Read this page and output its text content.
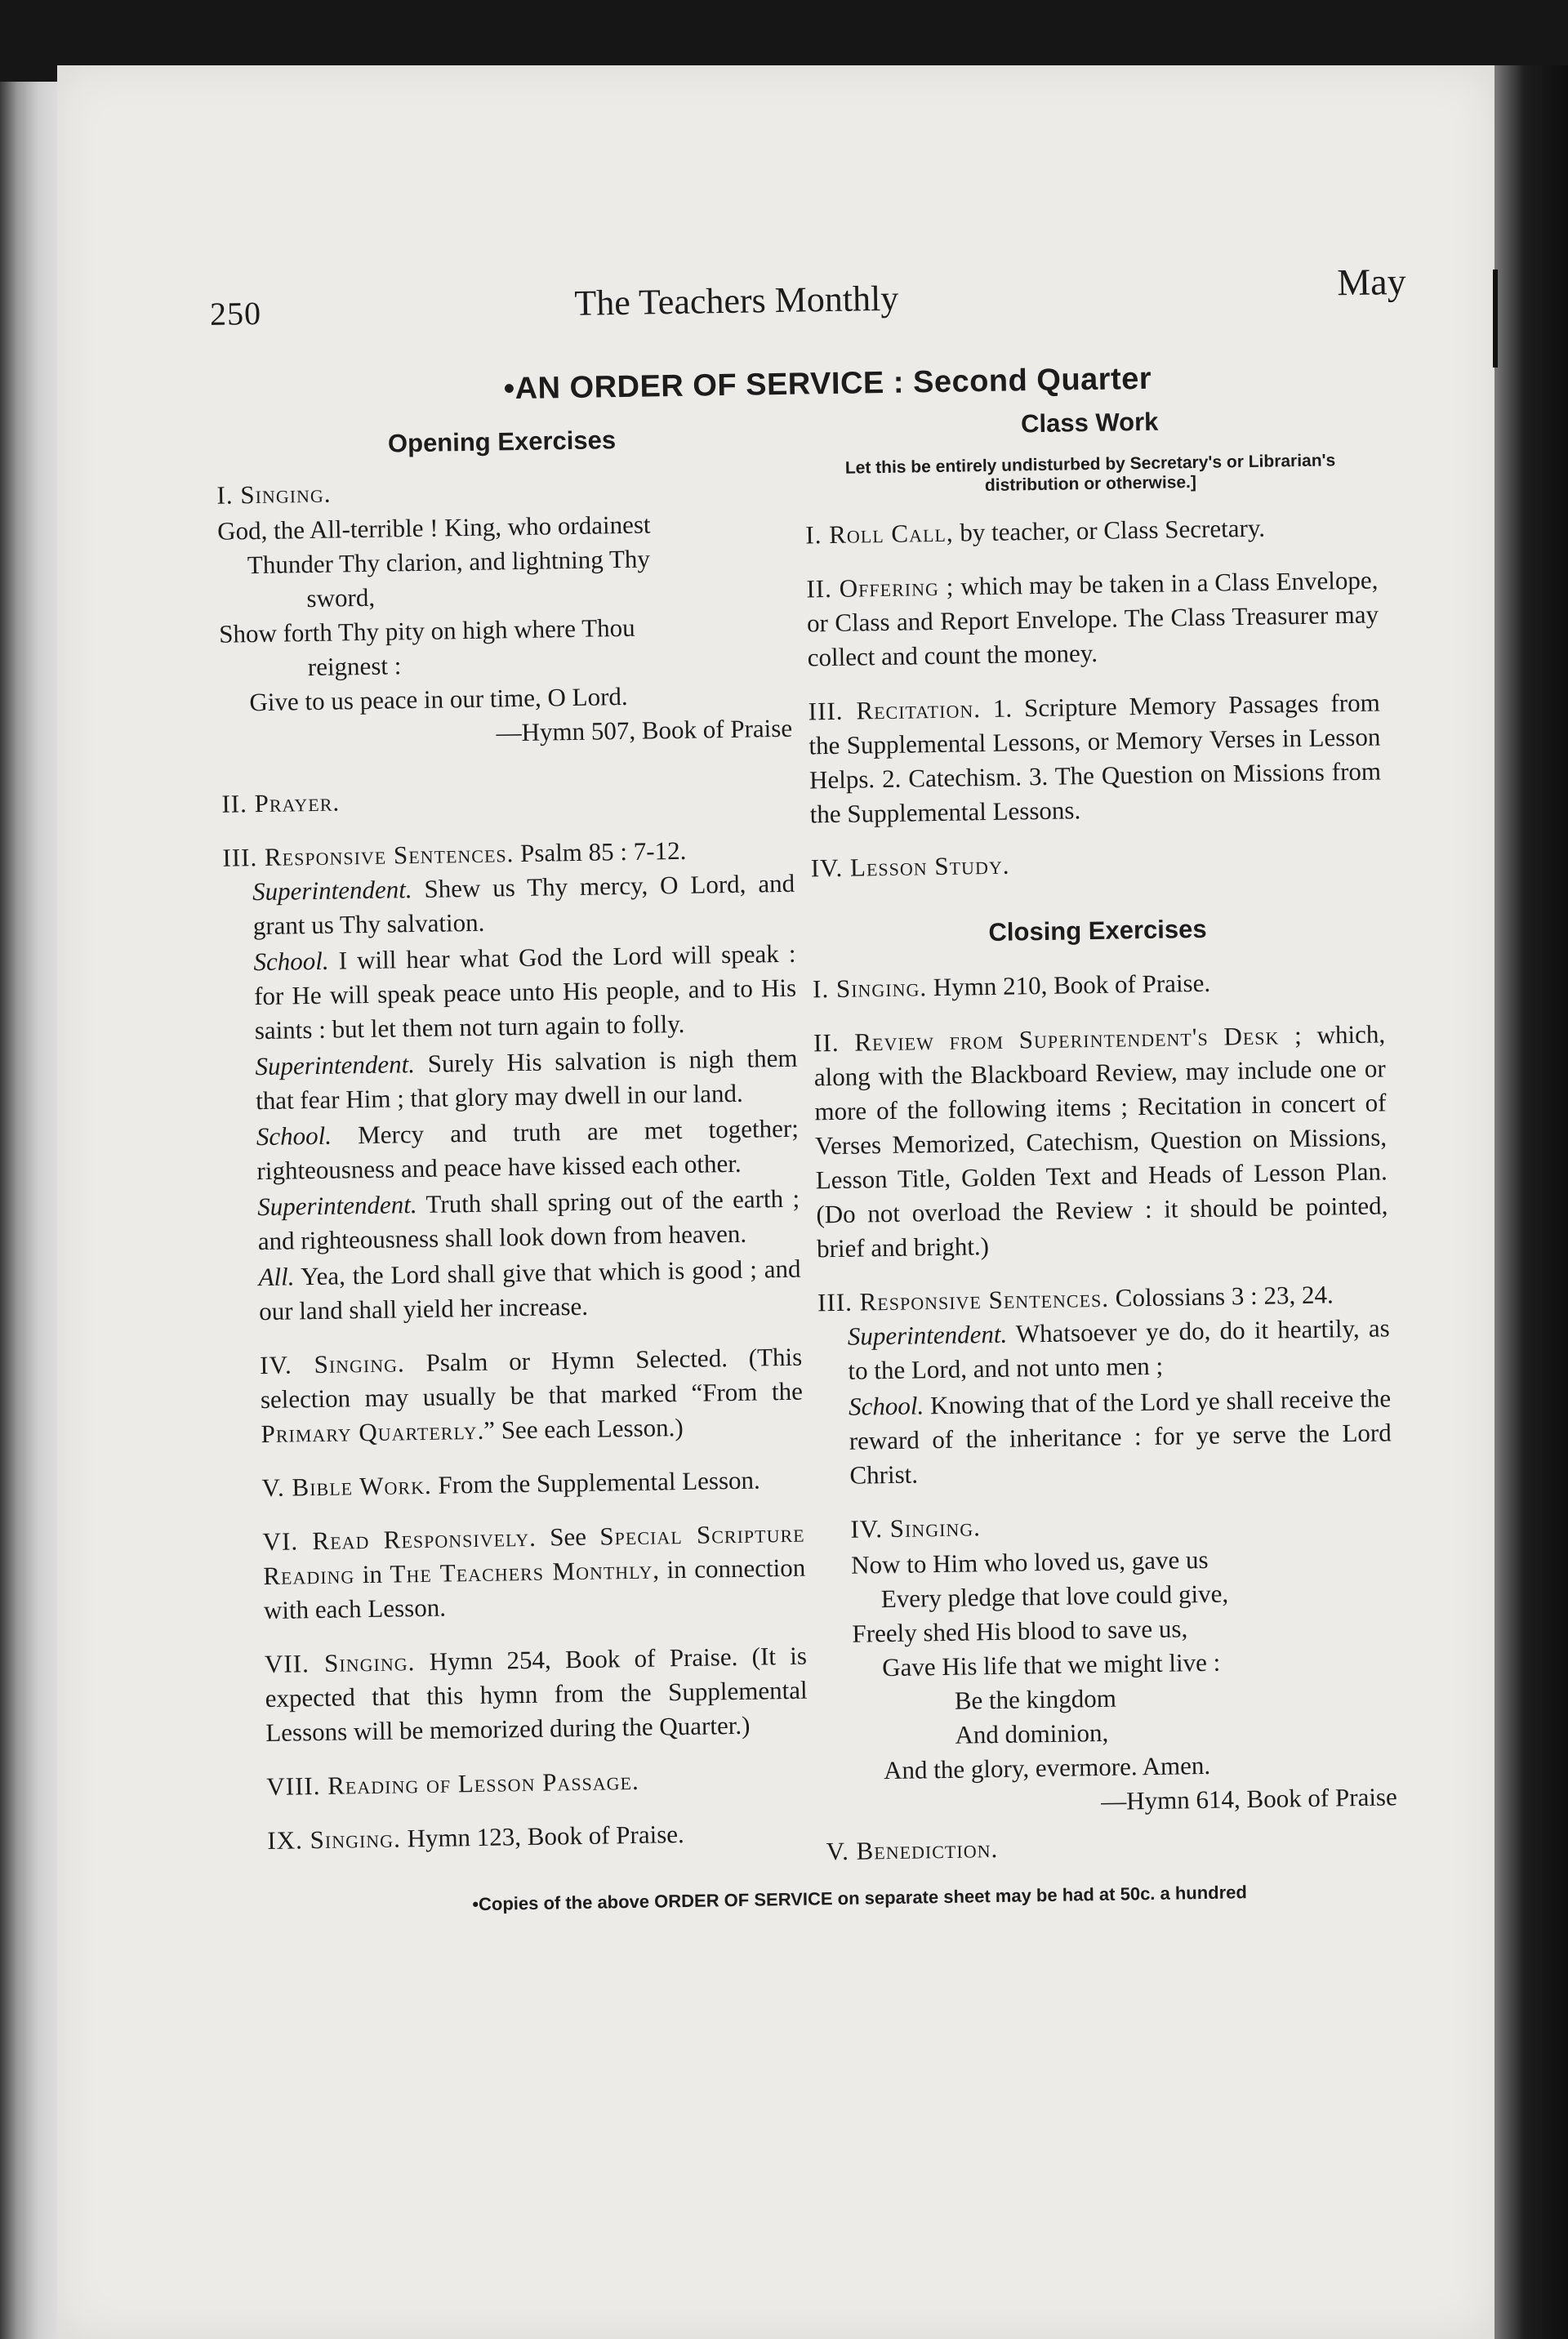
250	The Teachers Monthly	May
•AN ORDER OF SERVICE : Second Quarter
Opening Exercises
I. Singing.

God, the All-terrible ! King, who ordainest

Thunder Thy clarion, and lightning Thy

sword,

Show forth Thy pity on high where Thou

reignest :

Give to us peace in our time, O Lord.

—Hymn 507, Book of Praise

II. Prayer.
III. Responsive Sentences. Psalm 85 : 7-12.

Superintendent. Shew us Thy mercy, O Lord, and grant us Thy salvation.

School. I will hear what God the Lord will speak : for He will speak peace unto His people, and to His saints : but let them not turn again to folly.

Superintendent. Surely His salvation is nigh them that fear Him ; that glory may dwell in our land.

School. Mercy and truth are met together; righteousness and peace have kissed each other.

Superintendent. Truth shall spring out of the earth ; and righteousness shall look down from heaven.

All. Yea, the Lord shall give that which is good ; and our land shall yield her increase.

IV. Singing. Psalm or Hymn Selected. (This selection may usually be that marked “From the Primary Quarterly.” See each Lesson.)
V. Bible Work. From the Supplemental Lesson.
VI. Read Responsively. See Special Scripture Reading in The Teachers Monthly, in connection with each Lesson.
VII. Singing. Hymn 254, Book of Praise. (It is expected that this hymn from the Supplemental Lessons will be memorized during the Quarter.)
VIII. Reading of Lesson Passage.
IX. Singing. Hymn 123, Book of Praise.
Class Work
Let this be entirely undisturbed by Secretary's or Librarian's distribution or otherwise.]
I. Roll Call, by teacher, or Class Secretary.
II. Offering ; which may be taken in a Class Envelope, or Class and Report Envelope. The Class Treasurer may collect and count the money.
III. Recitation. 1. Scripture Memory Passages from the Supplemental Lessons, or Memory Verses in Lesson Helps. 2. Catechism. 3. The Question on Missions from the Supplemental Lessons.
IV. Lesson Study.
Closing Exercises
I. Singing. Hymn 210, Book of Praise.
II. Review from Superintendent's Desk ; which, along with the Blackboard Review, may include one or more of the following items ; Recitation in concert of Verses Memorized, Catechism, Question on Missions, Lesson Title, Golden Text and Heads of Lesson Plan. (Do not overload the Review : it should be pointed, brief and bright.)
III. Responsive Sentences. Colossians 3 : 23, 24.

Superintendent. Whatsoever ye do, do it heartily, as to the Lord, and not unto men ;

School. Knowing that of the Lord ye shall receive the reward of the inheritance : for ye serve the Lord Christ.

IV. Singing.

Now to Him who loved us, gave us

Every pledge that love could give,

Freely shed His blood to save us,

Gave His life that we might live :

Be the kingdom

And dominion,

And the glory, evermore. Amen.

—Hymn 614, Book of Praise

V. Benediction.
•Copies of the above ORDER OF SERVICE on separate sheet may be had at 50c. a hundred
